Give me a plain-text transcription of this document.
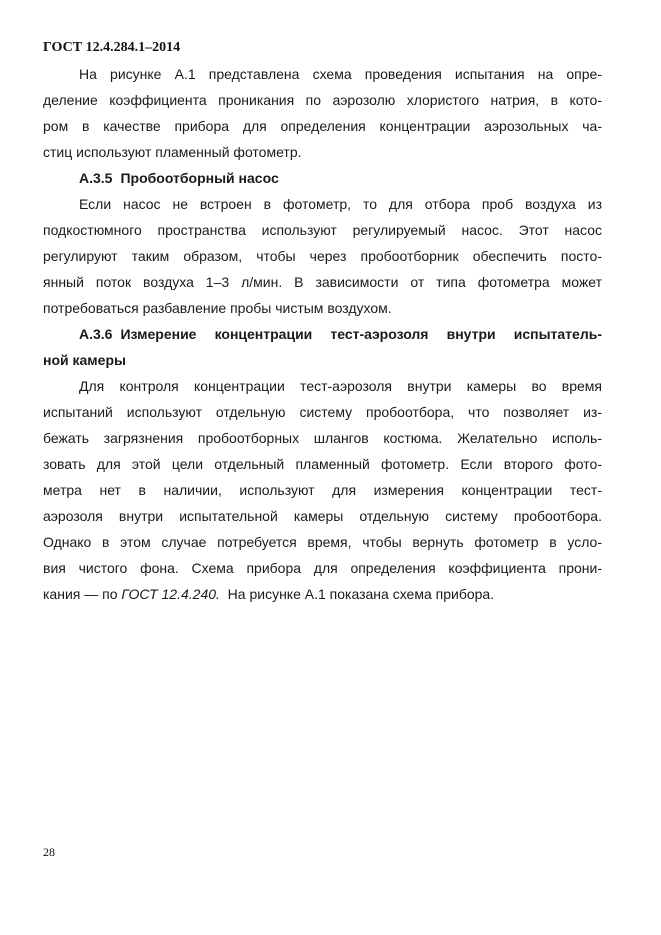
ГОСТ 12.4.284.1–2014

На рисунке А.1 представлена схема проведения испытания на опре-
деление коэффициента проникания по аэрозолю хлористого натрия, в кото-
ром в качестве прибора для определения концентрации аэрозольных ча-
стиц используют пламенный фотометр.

А.3.5 Пробоотборный насос

Если насос не встроен в фотометр, то для отбора проб воздуха из
подкостюмного пространства используют регулируемый насос. Этот насос
регулируют таким образом, чтобы через пробоотборник обеспечить посто-
янный поток воздуха 1–3 л/мин. В зависимости от типа фотометра может
потребоваться разбавление пробы чистым воздухом.

А.3.6 Измерение концентрации тест-аэрозоля внутри испытатель-
ной камеры

Для контроля концентрации тест-аэрозоля внутри камеры во время
испытаний используют отдельную систему пробоотбора, что позволяет из-
бежать загрязнения пробоотборных шлангов костюма. Желательно исполь-
зовать для этой цели отдельный пламенный фотометр. Если второго фото-
метра нет в наличии, используют для измерения концентрации тест-
аэрозоля внутри испытательной камеры отдельную систему пробоотбора.
Однако в этом случае потребуется время, чтобы вернуть фотометр в усло-
вия чистого фона. Схема прибора для определения коэффициента прони-
кания — по ГОСТ 12.4.240.  На рисунке А.1 показана схема прибора.

28
